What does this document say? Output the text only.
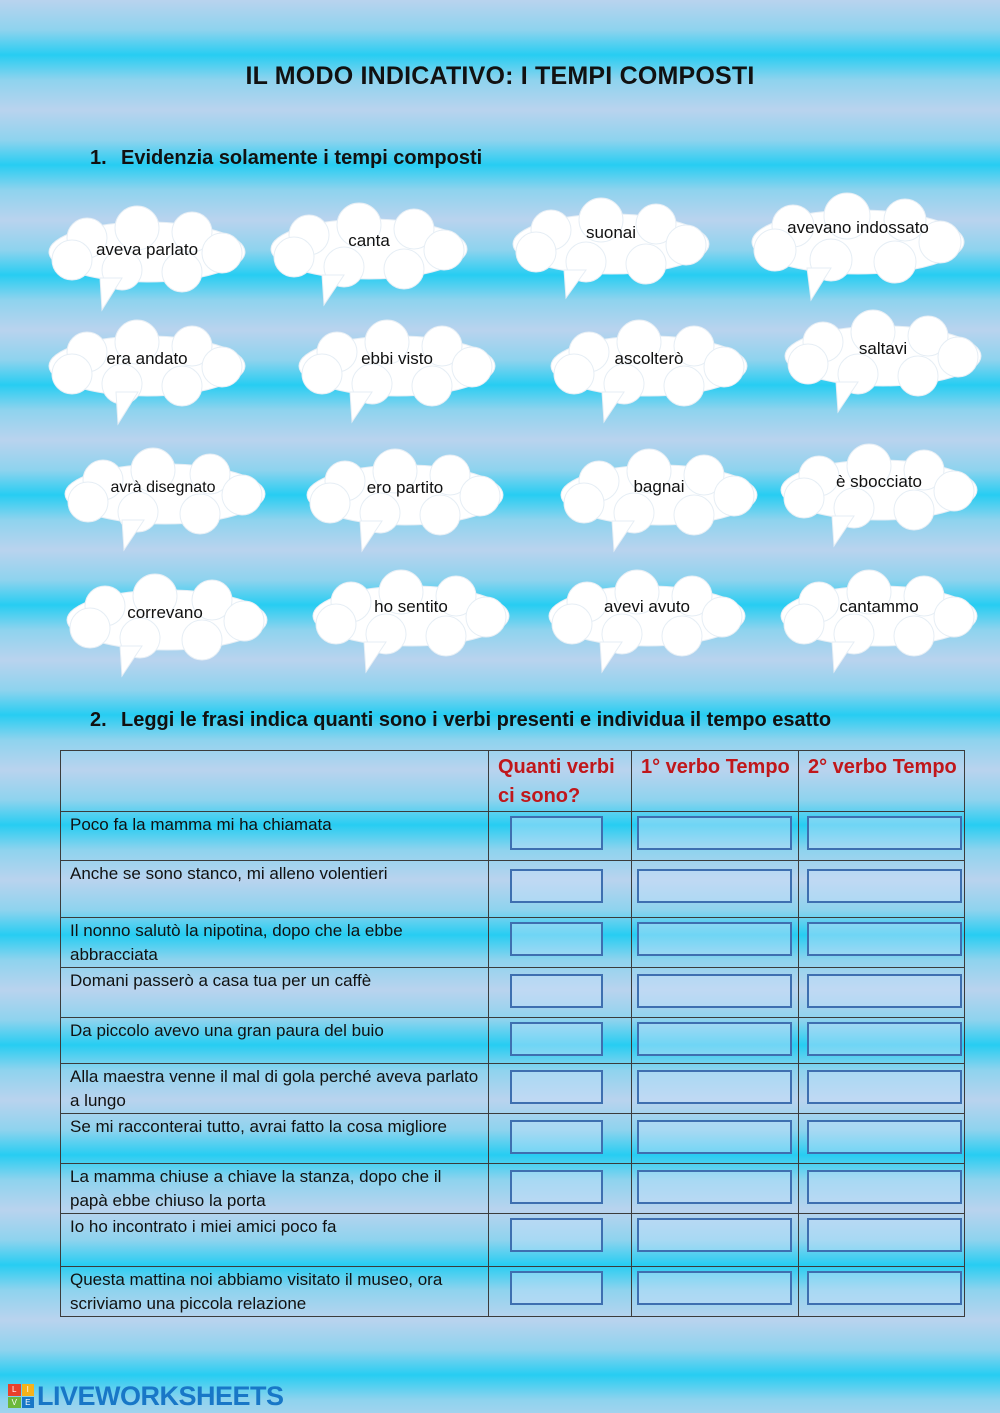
IL MODO INDICATIVO: I TEMPI COMPOSTI
1. Evidenzia solamente i tempi composti
aveva parlato	canta	suonai	avevano indossato
era andato	ebbi visto	ascolterò
saltavi
avrà disegnato	ero partito	bagnai	è sbocciato
correvano	ho sentito	avevi avuto	cantammo
2. Leggi le frasi indica quanti sono i verbi presenti e individua il tempo esatto
	Quanti verbi ci sono?	1° verbo Tempo	2° verbo Tempo
Poco fa la mamma mi ha chiamata	

Anche se sono stanco, mi alleno volentieri	

Il nonno salutò la nipotina, dopo che la ebbe abbracciata	

Domani passerò a casa tua per un caffè	

Da piccolo avevo una gran paura del buio	

Alla maestra venne il mal di gola perché aveva parlato a lungo	

Se mi racconterai tutto, avrai fatto la cosa migliore	

La mamma chiuse a chiave la stanza, dopo che il papà ebbe chiuso la porta	

Io ho incontrato i miei amici poco fa	

Questa mattina noi abbiamo visitato il museo, ora scriviamo una piccola relazione	

L	I
V	E LIVEWORKSHEETS
